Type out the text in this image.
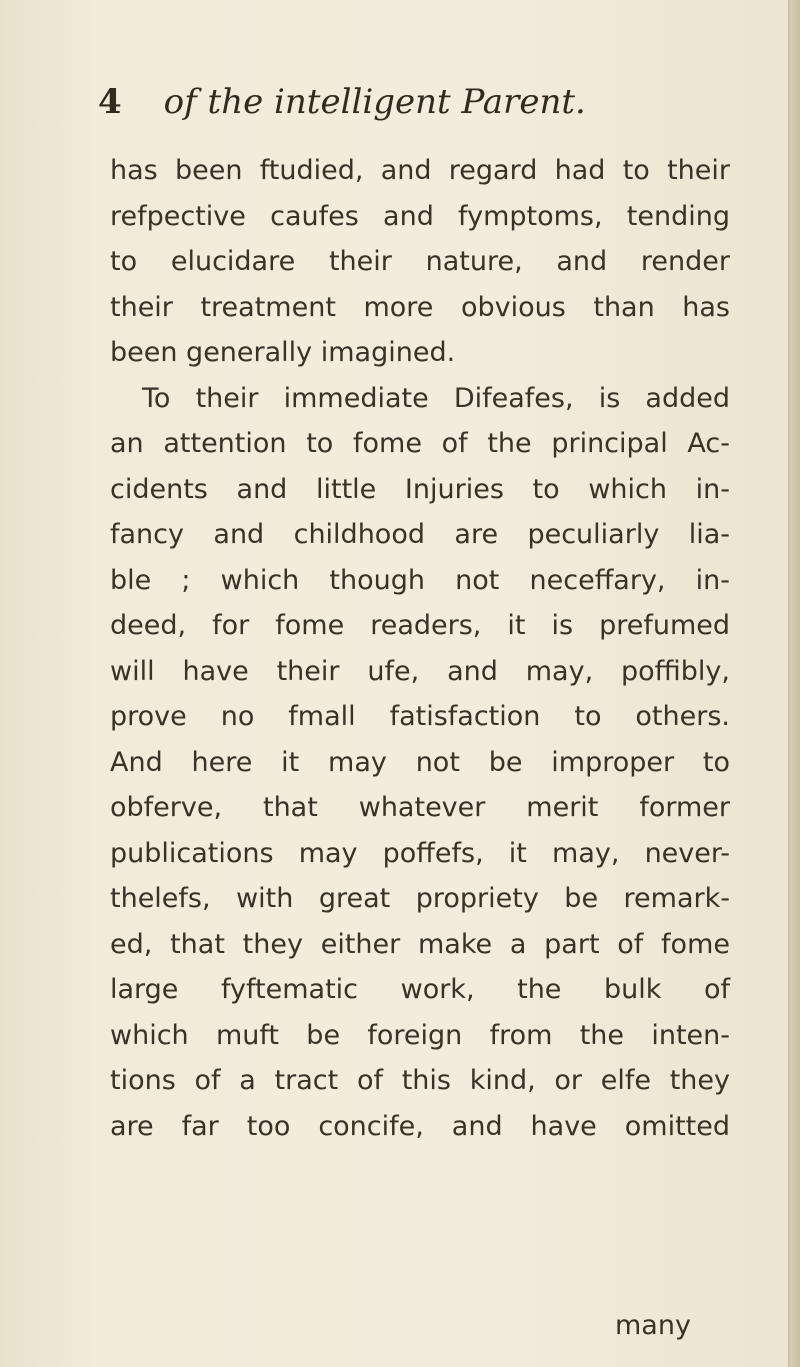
4 of the intelligent Parent.
has been ftudied, and regard had to their
refpective caufes and fymptoms, tending
to elucidare their nature, and render
their treatment more obvious than has
been generally imagined.
To their immediate Difeafes, is added
an attention to fome of the principal Ac-
cidents and little Injuries to which in-
fancy and childhood are peculiarly lia-
ble ; which though not neceffary, in-
deed, for fome readers, it is prefumed
will have their ufe, and may, poffibly,
prove no fmall fatisfaction to others.
And here it may not be improper to
obferve, that whatever merit former
publications may poffefs, it may, never-
thelefs, with great propriety be remark-
ed, that they either make a part of fome
large fyftematic work, the bulk of
which muft be foreign from the inten-
tions of a tract of this kind, or elfe they
are far too concife, and have omitted
many
